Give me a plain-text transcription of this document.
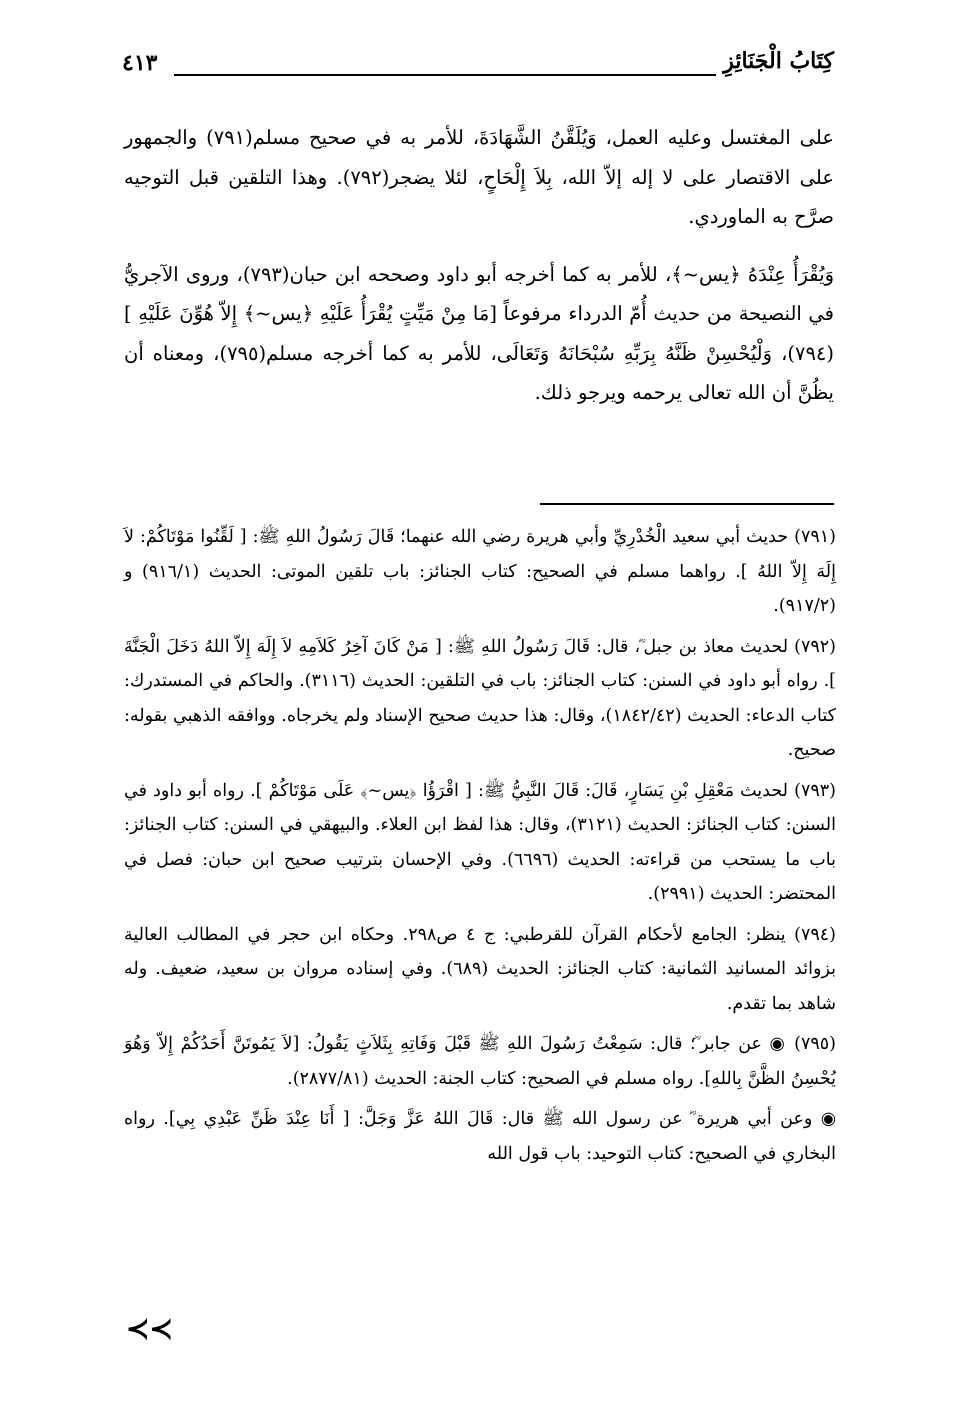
كِتَابُ الْجَنَائِزِ
٤١٣

على المغتسل وعليه العمل، وَيُلَقَّنُ الشَّهَادَةَ، للأمر به في صحيح مسلم(٧٩١) والجمهور على الاقتصار على لا إله إلاّ الله، بِلاَ إِلْحَاحٍ، لئلا يضجر(٧٩٢). وهذا التلقين قبل التوجيه صرَّح به الماوردي.

وَيُقْرَأُ عِنْدَهُ ﴿يس~﴾، للأمر به كما أخرجه أبو داود وصححه ابن حبان(٧٩٣)، وروى الآجريُّ في النصيحة من حديث أُمّ الدرداء مرفوعاً [مَا مِنْ مَيِّتٍ يُقْرَأُ عَلَيْهِ ﴿يس~﴾ إِلاّ هُوِّنَ عَلَيْهِ ](٧٩٤)، وَلْيُحْسِنْ ظَنَّهُ بِرَبِّهِ سُبْحَانَهُ وَتَعَالَى، للأمر به كما أخرجه مسلم(٧٩٥)، ومعناه أن يظُنَّ أن الله تعالى يرحمه ويرجو ذلك.

(٧٩١) حديث أبي سعيد الْخُدْرِيِّ وأبي هريرة رضي الله عنهما؛ قَالَ رَسُولُ اللهِ ﷺ: [ لَقِّنُوا مَوْتَاكُمْ: لاَ إِلَهَ إِلاّ اللهُ ]. رواهما مسلم في الصحيح: كتاب الجنائز: باب تلقين الموتى: الحديث (٩١٦/١) و (٩١٧/٢).

(٧٩٢) لحديث معاذ بن جبل ؓ، قال: قَالَ رَسُولُ اللهِ ﷺ: [ مَنْ كَانَ آخِرُ كَلاَمِهِ لاَ إِلَهَ إِلاّ اللهُ دَخَلَ الْجَنَّةَ ]. رواه أبو داود في السنن: كتاب الجنائز: باب في التلقين: الحديث (٣١١٦). والحاكم في المستدرك: كتاب الدعاء: الحديث (١٨٤٢/٤٢)، وقال: هذا حديث صحيح الإسناد ولم يخرجاه. ووافقه الذهبي بقوله: صحيح.

(٧٩٣) لحديث مَعْقِلِ بْنِ يَسَارٍ، قَالَ: قَالَ النَّبِيُّ ﷺ: [ اقْرَؤُا ﴿يس~﴾ عَلَى مَوْتَاكُمْ ]. رواه أبو داود في السنن: كتاب الجنائز: الحديث (٣١٢١)، وقال: هذا لفظ ابن العلاء. والبيهقي في السنن: كتاب الجنائز: باب ما يستحب من قراءته: الحديث (٦٦٩٦). وفي الإحسان بترتيب صحيح ابن حبان: فصل في المحتضر: الحديث (٢٩٩١).

(٧٩٤) ينظر: الجامع لأحكام القرآن للقرطبي: ج ٤ ص٢٩٨. وحكاه ابن حجر في المطالب العالية بزوائد المسانيد الثمانية: كتاب الجنائز: الحديث (٦٨٩). وفي إسناده مروان بن سعيد، ضعيف. وله شاهد بما تقدم.

(٧٩٥) ◉ عن جابر ؓ؛ قال: سَمِعْتُ رَسُولَ اللهِ ﷺ قَبْلَ وَفَاتِهِ بِثَلاَثٍ يَقُولُ: [لاَ يَمُوتَنَّ أَحَدُكُمْ إِلاّ وَهُوَ يُحْسِنُ الظَّنَّ بِاللهِ]. رواه مسلم في الصحيح: كتاب الجنة: الحديث (٢٨٧٧/٨١).

◉ وعن أبي هريرة ؓ عن رسول الله ﷺ قال: قَالَ اللهُ عَزَّ وَجَلَّ: [ أَنَا عِنْدَ ظَنِّ عَبْدِي بِي]. رواه البخاري في الصحيح: كتاب التوحيد: باب قول الله

≺≺
